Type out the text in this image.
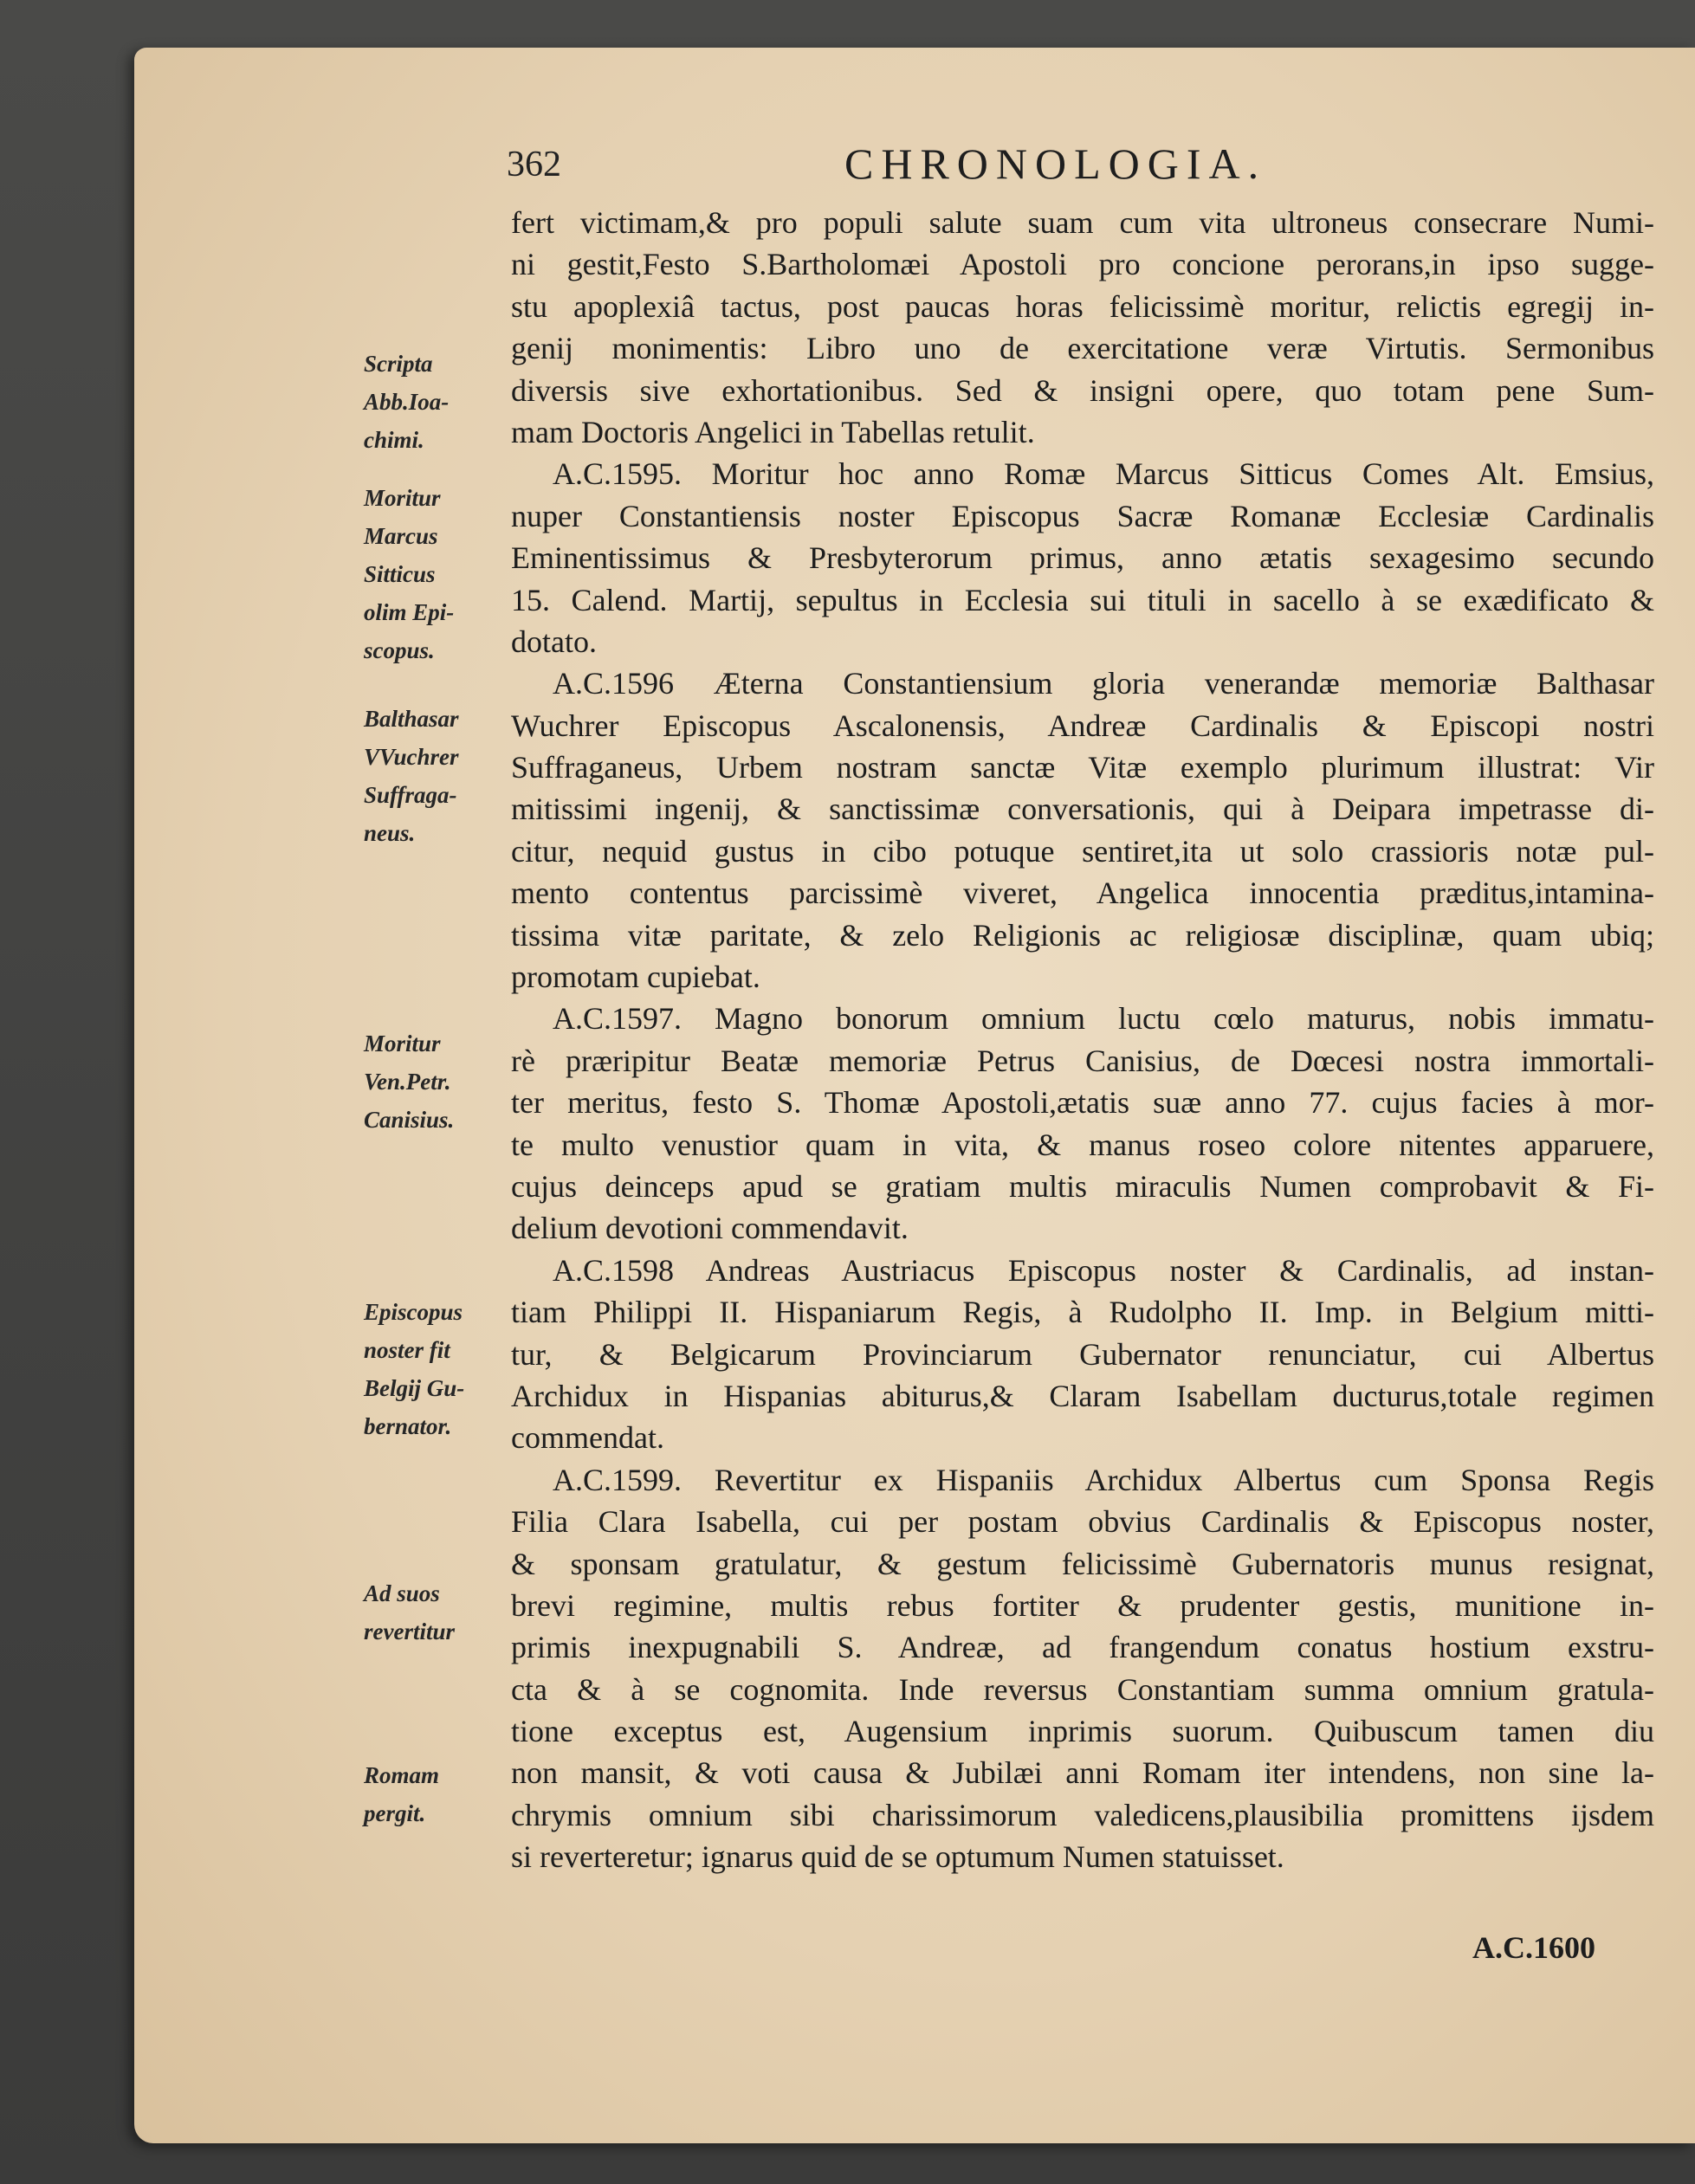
362	CHRONOLOGIA.
Scripta
Abb.Ioa-
chimi.
Moritur
Marcus
Sitticus
olim Epi-
scopus.
Balthasar
VVuchrer
Suffraga-
neus.
Moritur
Ven.Petr.
Canisius.
Episcopus
noster fit
Belgij Gu-
bernator.
Ad suos
revertitur
Romam
pergit.
fert victimam,& pro populi salute suam cum vita ultroneus consecrare Numi-
ni gestit,Festo S.Bartholomæi Apostoli pro concione perorans,in ipso sugge-
stu apoplexiâ tactus, post paucas horas felicissimè moritur, relictis egregij in-
genij monimentis: Libro uno de exercitatione veræ Virtutis. Sermonibus
diversis sive exhortationibus. Sed & insigni opere, quo totam pene Sum-
mam Doctoris Angelici in Tabellas retulit.
A.C.1595. Moritur hoc anno Romæ Marcus Sitticus Comes Alt. Emsius,
nuper Constantiensis noster Episcopus Sacræ Romanæ Ecclesiæ Cardinalis
Eminentissimus & Presbyterorum primus, anno ætatis sexagesimo secundo
15. Calend. Martij, sepultus in Ecclesia sui tituli in sacello à se exædificato &
dotato.
A.C.1596 Æterna Constantiensium gloria venerandæ memoriæ Balthasar
Wuchrer Episcopus Ascalonensis, Andreæ Cardinalis & Episcopi nostri
Suffraganeus, Urbem nostram sanctæ Vitæ exemplo plurimum illustrat: Vir
mitissimi ingenij, & sanctissimæ conversationis, qui à Deipara impetrasse di-
citur, nequid gustus in cibo potuque sentiret,ita ut solo crassioris notæ pul-
mento contentus parcissimè viveret, Angelica innocentia præditus,intamina-
tissima vitæ paritate, & zelo Religionis ac religiosæ disciplinæ, quam ubiq;
promotam cupiebat.
A.C.1597. Magno bonorum omnium luctu cœlo maturus, nobis immatu-
rè præripitur Beatæ memoriæ Petrus Canisius, de Dœcesi nostra immortali-
ter meritus, festo S. Thomæ Apostoli,ætatis suæ anno 77. cujus facies à mor-
te multo venustior quam in vita, & manus roseo colore nitentes apparuere,
cujus deinceps apud se gratiam multis miraculis Numen comprobavit & Fi-
delium devotioni commendavit.
A.C.1598 Andreas Austriacus Episcopus noster & Cardinalis, ad instan-
tiam Philippi II. Hispaniarum Regis, à Rudolpho II. Imp. in Belgium mitti-
tur, & Belgicarum Provinciarum Gubernator renunciatur, cui Albertus
Archidux in Hispanias abiturus,& Claram Isabellam ducturus,totale regimen
commendat.
A.C.1599. Revertitur ex Hispaniis Archidux Albertus cum Sponsa Regis
Filia Clara Isabella, cui per postam obvius Cardinalis & Episcopus noster,
& sponsam gratulatur, & gestum felicissimè Gubernatoris munus resignat,
brevi regimine, multis rebus fortiter & prudenter gestis, munitione in-
primis inexpugnabili S. Andreæ, ad frangendum conatus hostium exstru-
cta & à se cognomita. Inde reversus Constantiam summa omnium gratula-
tione exceptus est, Augensium inprimis suorum. Quibuscum tamen diu
non mansit, & voti causa & Jubilæi anni Romam iter intendens, non sine la-
chrymis omnium sibi charissimorum valedicens,plausibilia promittens ijsdem
si reverteretur; ignarus quid de se optumum Numen statuisset.
A.C.1600
